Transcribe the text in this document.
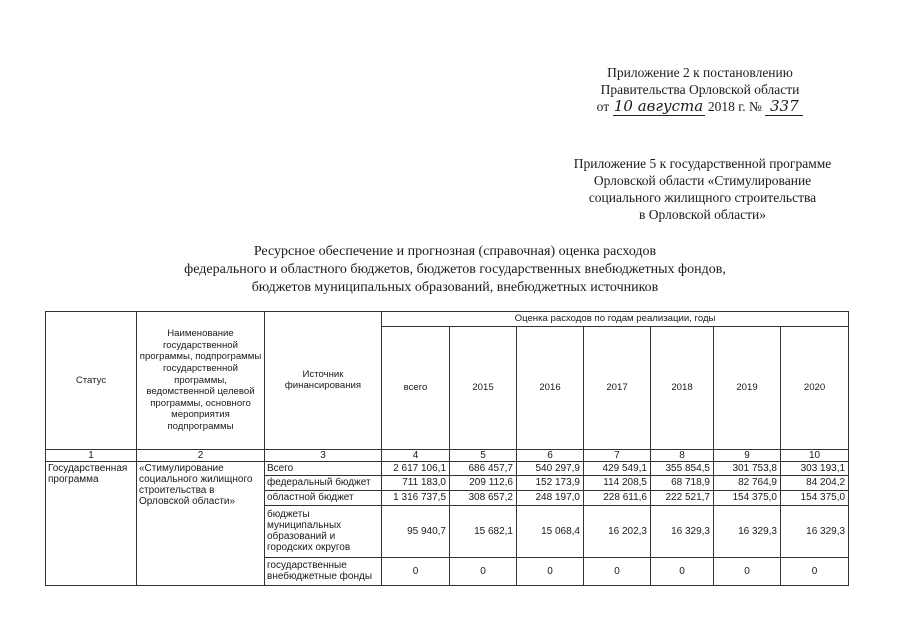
Приложение 2 к постановлению
Правительства Орловской области
от 10 августа 2018 г. № 337
Приложение 5 к государственной программе
Орловской области «Стимулирование
социального жилищного строительства
в Орловской области»
Ресурсное обеспечение и прогнозная (справочная) оценка расходов
федерального и областного бюджетов, бюджетов государственных внебюджетных фондов,
бюджетов муниципальных образований, внебюджетных источников
Статус	Наименование государственной программы, подпрограммы государственной программы, ведомственной целевой программы, основного мероприятия подпрограммы	Источник финансирования	Оценка расходов по годам реализации, годы						
			всего	2015	2016	2017	2018	2019	2020
1	2	3	4	5	6	7	8	9	10
Государственная программа	«Стимулирование социального жилищного строительства в Орловской области»	Всего	2 617 106,1	686 457,7	540 297,9	429 549,1	355 854,5	301 753,8	303 193,1
		федеральный бюджет	711 183,0	209 112,6	152 173,9	114 208,5	68 718,9	82 764,9	84 204,2
		областной бюджет	1 316 737,5	308 657,2	248 197,0	228 611,6	222 521,7	154 375,0	154 375,0
		бюджеты муниципальных образований и городских округов	95 940,7	15 682,1	15 068,4	16 202,3	16 329,3	16 329,3	16 329,3
		государственные внебюджетные фонды	0	0	0	0	0	0	0
